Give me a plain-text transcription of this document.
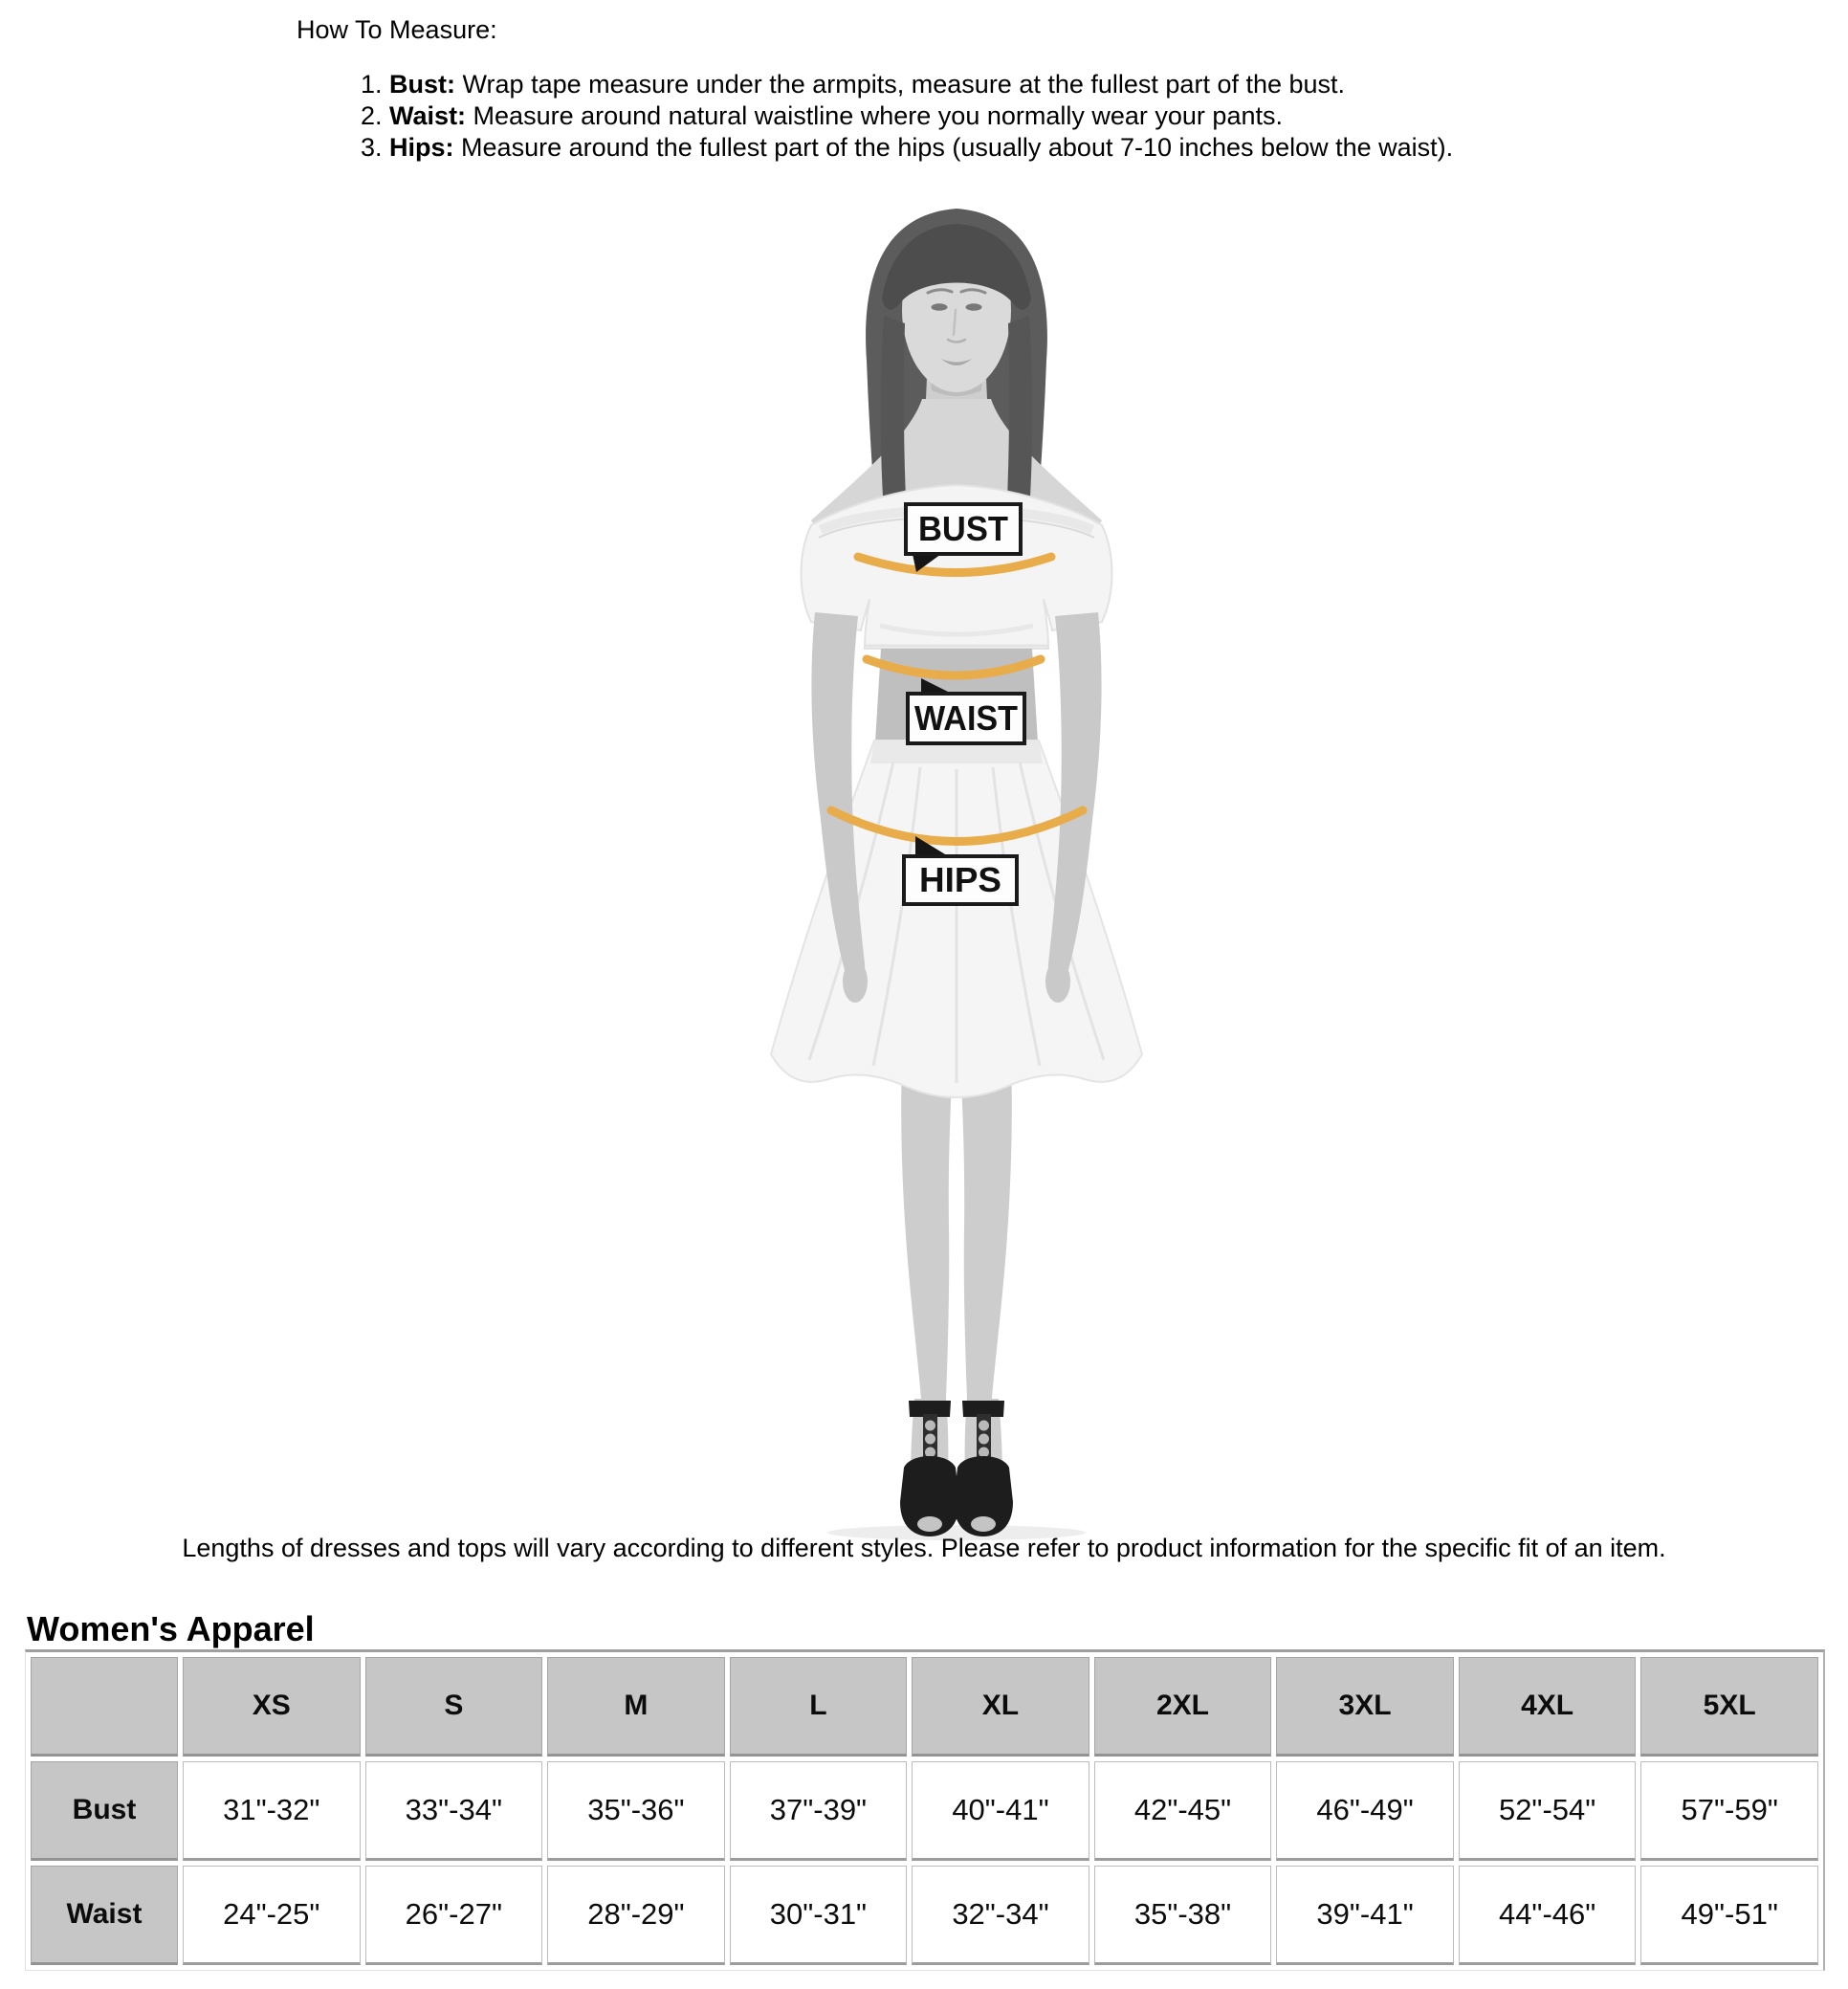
How To Measure:
1. Bust: Wrap tape measure under the armpits, measure at the fullest part of the bust.
2. Waist: Measure around natural waistline where you normally wear your pants.
3. Hips: Measure around the fullest part of the hips (usually about 7-10 inches below the waist).
BUST
WAIST
HIPS
Lengths of dresses and tops will vary according to different styles. Please refer to product information for the specific fit of an item.
Women's Apparel
	XS	S	M	L	XL	2XL	3XL	4XL	5XL
Bust	31"-32"	33"-34"	35"-36"	37"-39"	40"-41"	42"-45"	46"-49"	52"-54"	57"-59"
Waist	24"-25"	26"-27"	28"-29"	30"-31"	32"-34"	35"-38"	39"-41"	44"-46"	49"-51"
